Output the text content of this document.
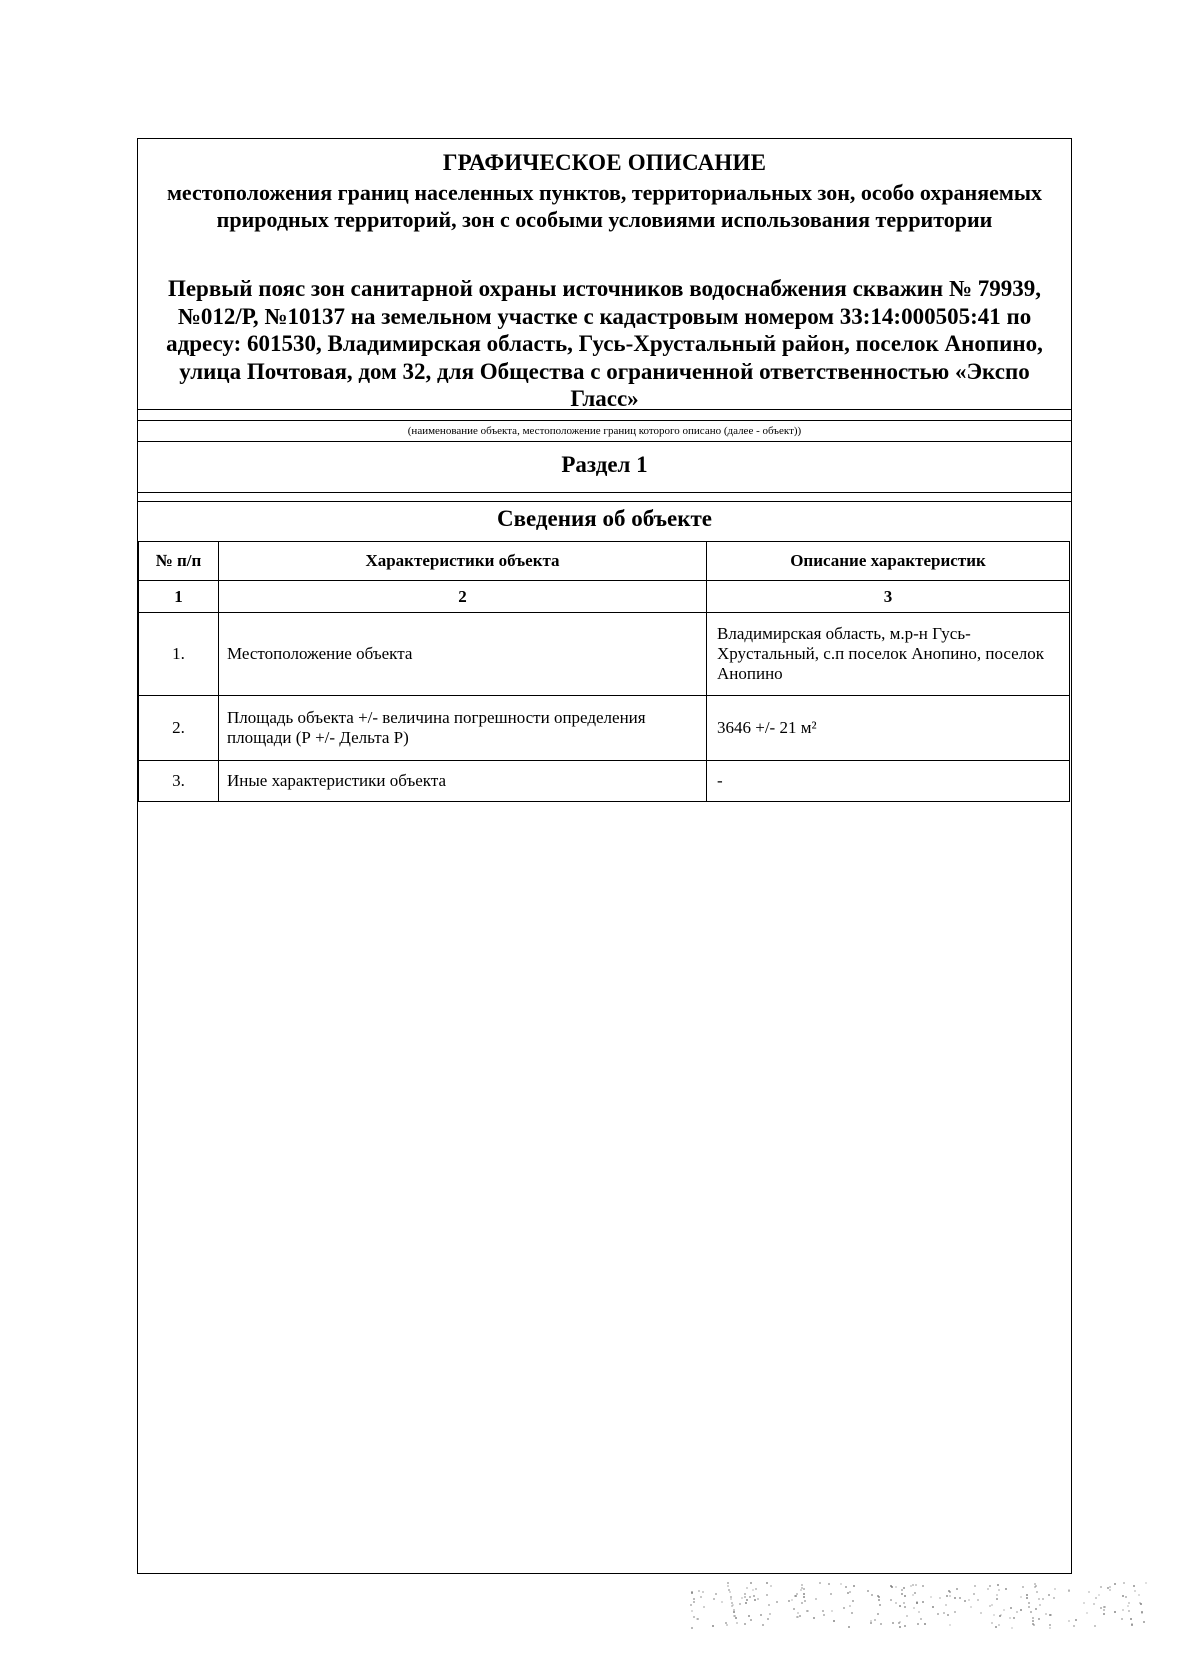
ГРАФИЧЕСКОЕ ОПИСАНИЕ
местоположения границ населенных пунктов, территориальных зон, особо охраняемых природных территорий, зон с особыми условиями использования территории
Первый пояс зон санитарной охраны источников водоснабжения скважин № 79939, №012/Р, №10137 на земельном участке с кадастровым номером 33:14:000505:41 по адресу: 601530, Владимирская область, Гусь-Хрустальный район, поселок Анопино, улица Почтовая, дом 32, для Общества с ограниченной ответственностью «Экспо Гласс»
(наименование объекта, местоположение границ которого описано (далее - объект))
Раздел 1
Сведения об объекте
№ п/п	Характеристики объекта	Описание характеристик
1	2	3
1.	Местоположение объекта	Владимирская область, м.р-н Гусь-Хрустальный, с.п поселок Анопино, поселок Анопино
2.	Площадь объекта +/- величина погрешности определения площади (Р +/- Дельта Р)	3646 +/- 21 м²
3.	Иные характеристики объекта	-
